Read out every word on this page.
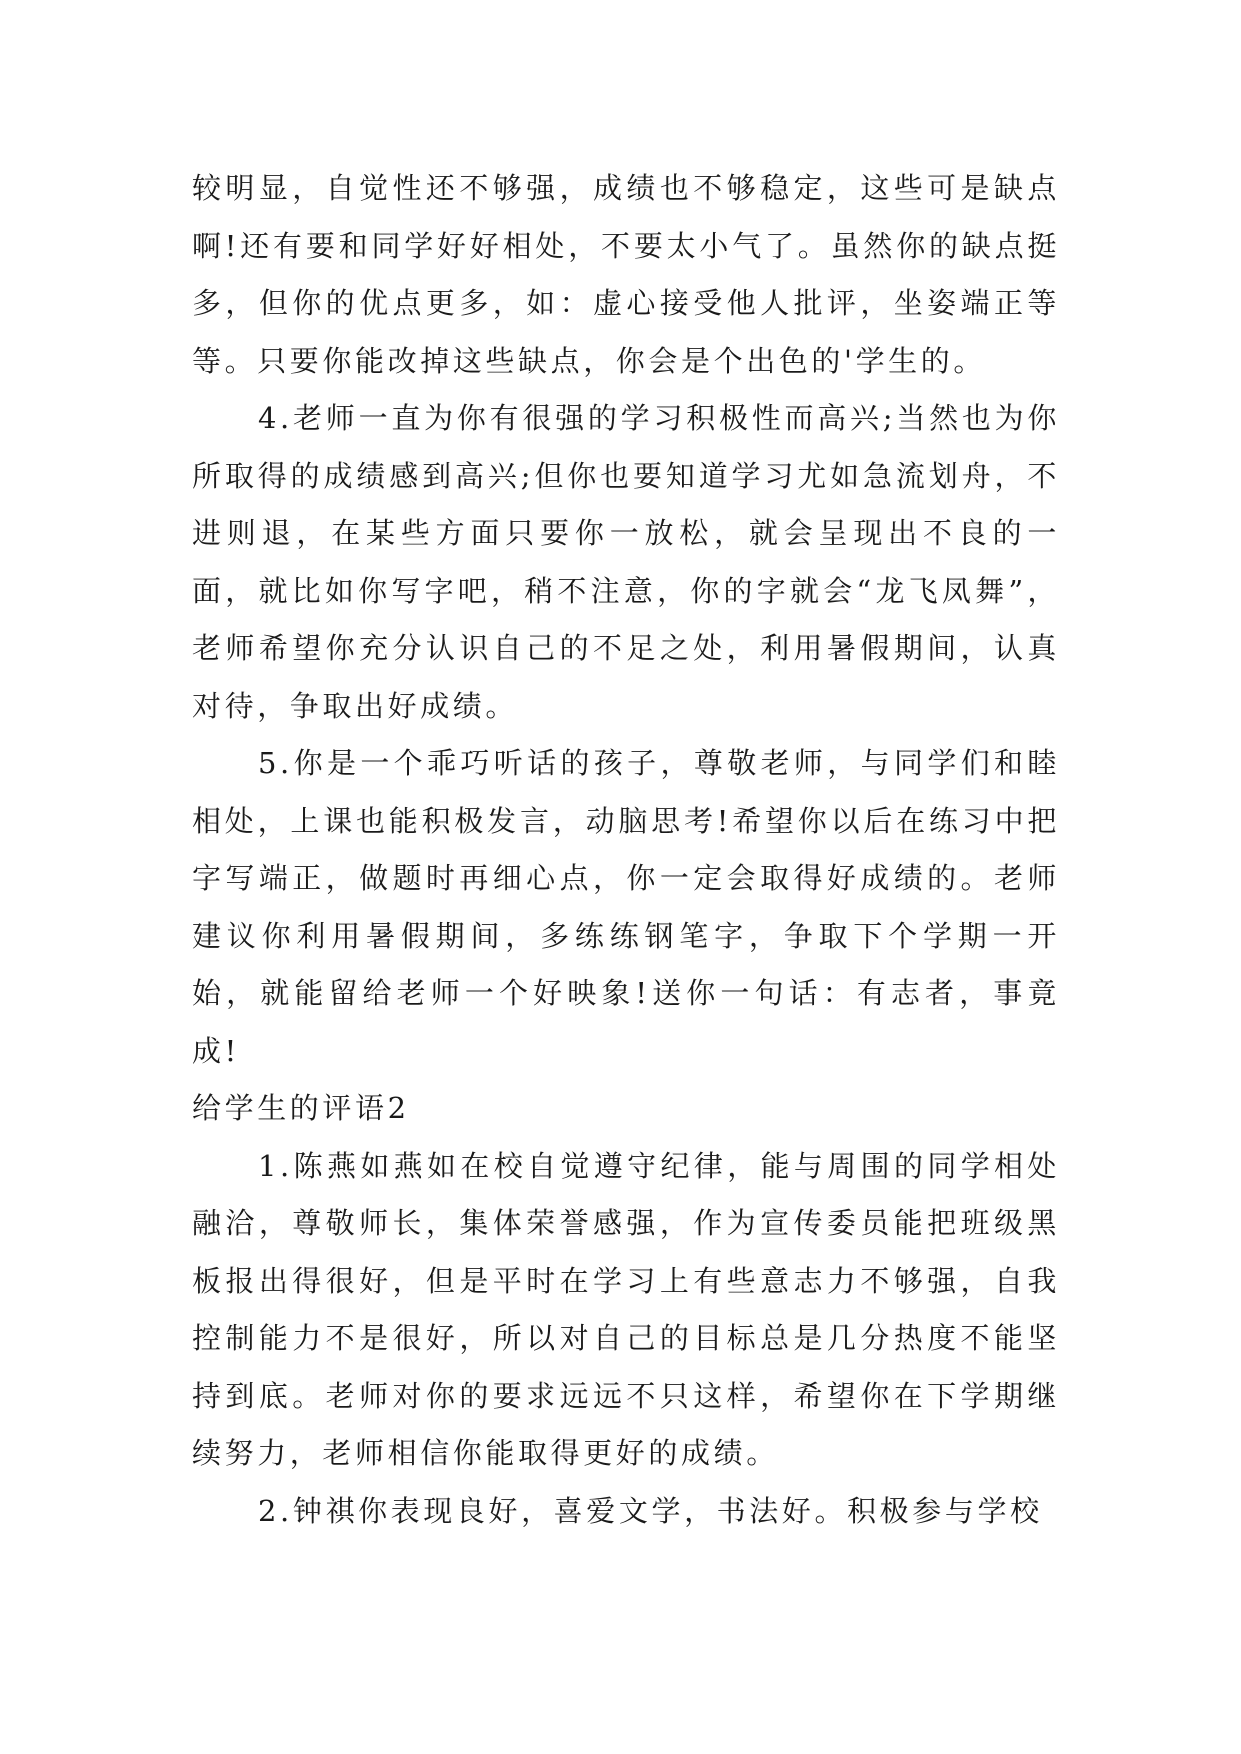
较明显，自觉性还不够强，成绩也不够稳定，这些可是缺点啊!还有要和同学好好相处，不要太小气了。虽然你的缺点挺多，但你的优点更多，如：虚心接受他人批评，坐姿端正等等。只要你能改掉这些缺点，你会是个出色的'学生的。

4.老师一直为你有很强的学习积极性而高兴;当然也为你所取得的成绩感到高兴;但你也要知道学习尤如急流划舟，不进则退，在某些方面只要你一放松，就会呈现出不良的一面，就比如你写字吧，稍不注意，你的字就会“龙飞凤舞”，老师希望你充分认识自己的不足之处，利用暑假期间，认真对待，争取出好成绩。

5.你是一个乖巧听话的孩子，尊敬老师，与同学们和睦相处，上课也能积极发言，动脑思考!希望你以后在练习中把字写端正，做题时再细心点，你一定会取得好成绩的。老师建议你利用暑假期间，多练练钢笔字，争取下个学期一开始，就能留给老师一个好映象!送你一句话：有志者，事竟成!

给学生的评语2

1.陈燕如燕如在校自觉遵守纪律，能与周围的同学相处融洽，尊敬师长，集体荣誉感强，作为宣传委员能把班级黑板报出得很好，但是平时在学习上有些意志力不够强，自我控制能力不是很好，所以对自己的目标总是几分热度不能坚持到底。老师对你的要求远远不只这样，希望你在下学期继续努力，老师相信你能取得更好的成绩。

2.钟祺你表现良好，喜爱文学，书法好。积极参与学校
